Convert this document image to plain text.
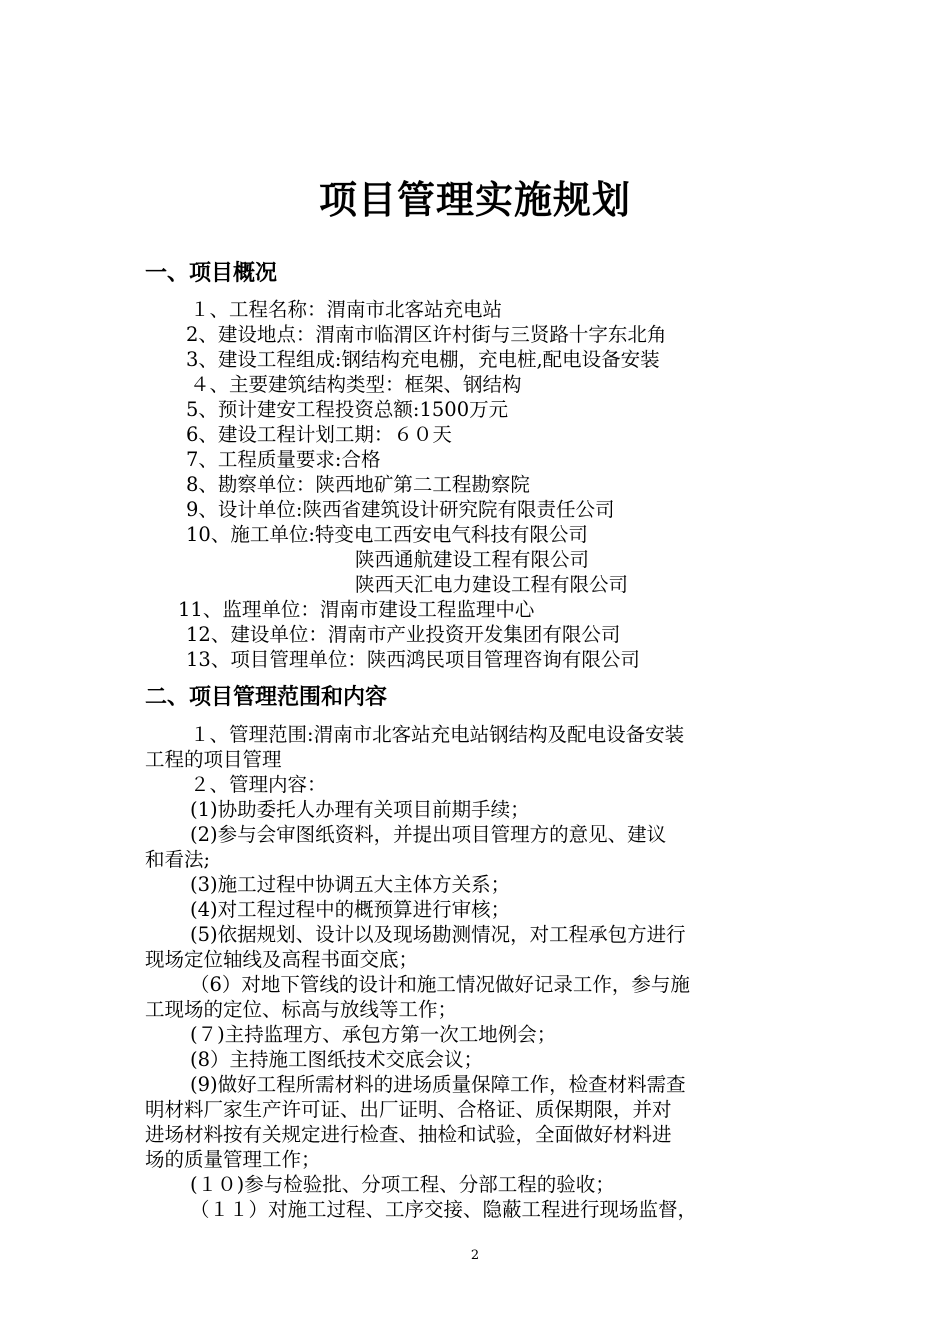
项目管理实施规划
一、项目概况
１、工程名称：渭南市北客站充电站
2、建设地点：渭南市临渭区许村街与三贤路十字东北角
3、建设工程组成:钢结构充电棚，充电桩,配电设备安装
４、主要建筑结构类型：框架、钢结构
5、预计建安工程投资总额:1500万元
6、建设工程计划工期：６０天
7、工程质量要求:合格
8、勘察单位：陕西地矿第二工程勘察院
9、设计单位:陕西省建筑设计研究院有限责任公司
10、施工单位:特变电工西安电气科技有限公司
陕西通航建设工程有限公司
陕西天汇电力建设工程有限公司
11、监理单位：渭南市建设工程监理中心
12、建设单位：渭南市产业投资开发集团有限公司
13、项目管理单位：陕西鸿民项目管理咨询有限公司
二、项目管理范围和内容
１、管理范围:渭南市北客站充电站钢结构及配电设备安装
工程的项目管理
２、管理内容：
(1)协助委托人办理有关项目前期手续；
(2)参与会审图纸资料，并提出项目管理方的意见、建议
和看法;
(3)施工过程中协调五大主体方关系；
(4)对工程过程中的概预算进行审核；
(5)依据规划、设计以及现场勘测情况，对工程承包方进行
现场定位轴线及高程书面交底；
（6）对地下管线的设计和施工情况做好记录工作，参与施
工现场的定位、标高与放线等工作；
(７)主持监理方、承包方第一次工地例会；
(8）主持施工图纸技术交底会议；
(9)做好工程所需材料的进场质量保障工作，检查材料需查
明材料厂家生产许可证、出厂证明、合格证、质保期限，并对
进场材料按有关规定进行检查、抽检和试验，全面做好材料进
场的质量管理工作；
(１０)参与检验批、分项工程、分部工程的验收；
（１１）对施工过程、工序交接、隐蔽工程进行现场监督，
2
